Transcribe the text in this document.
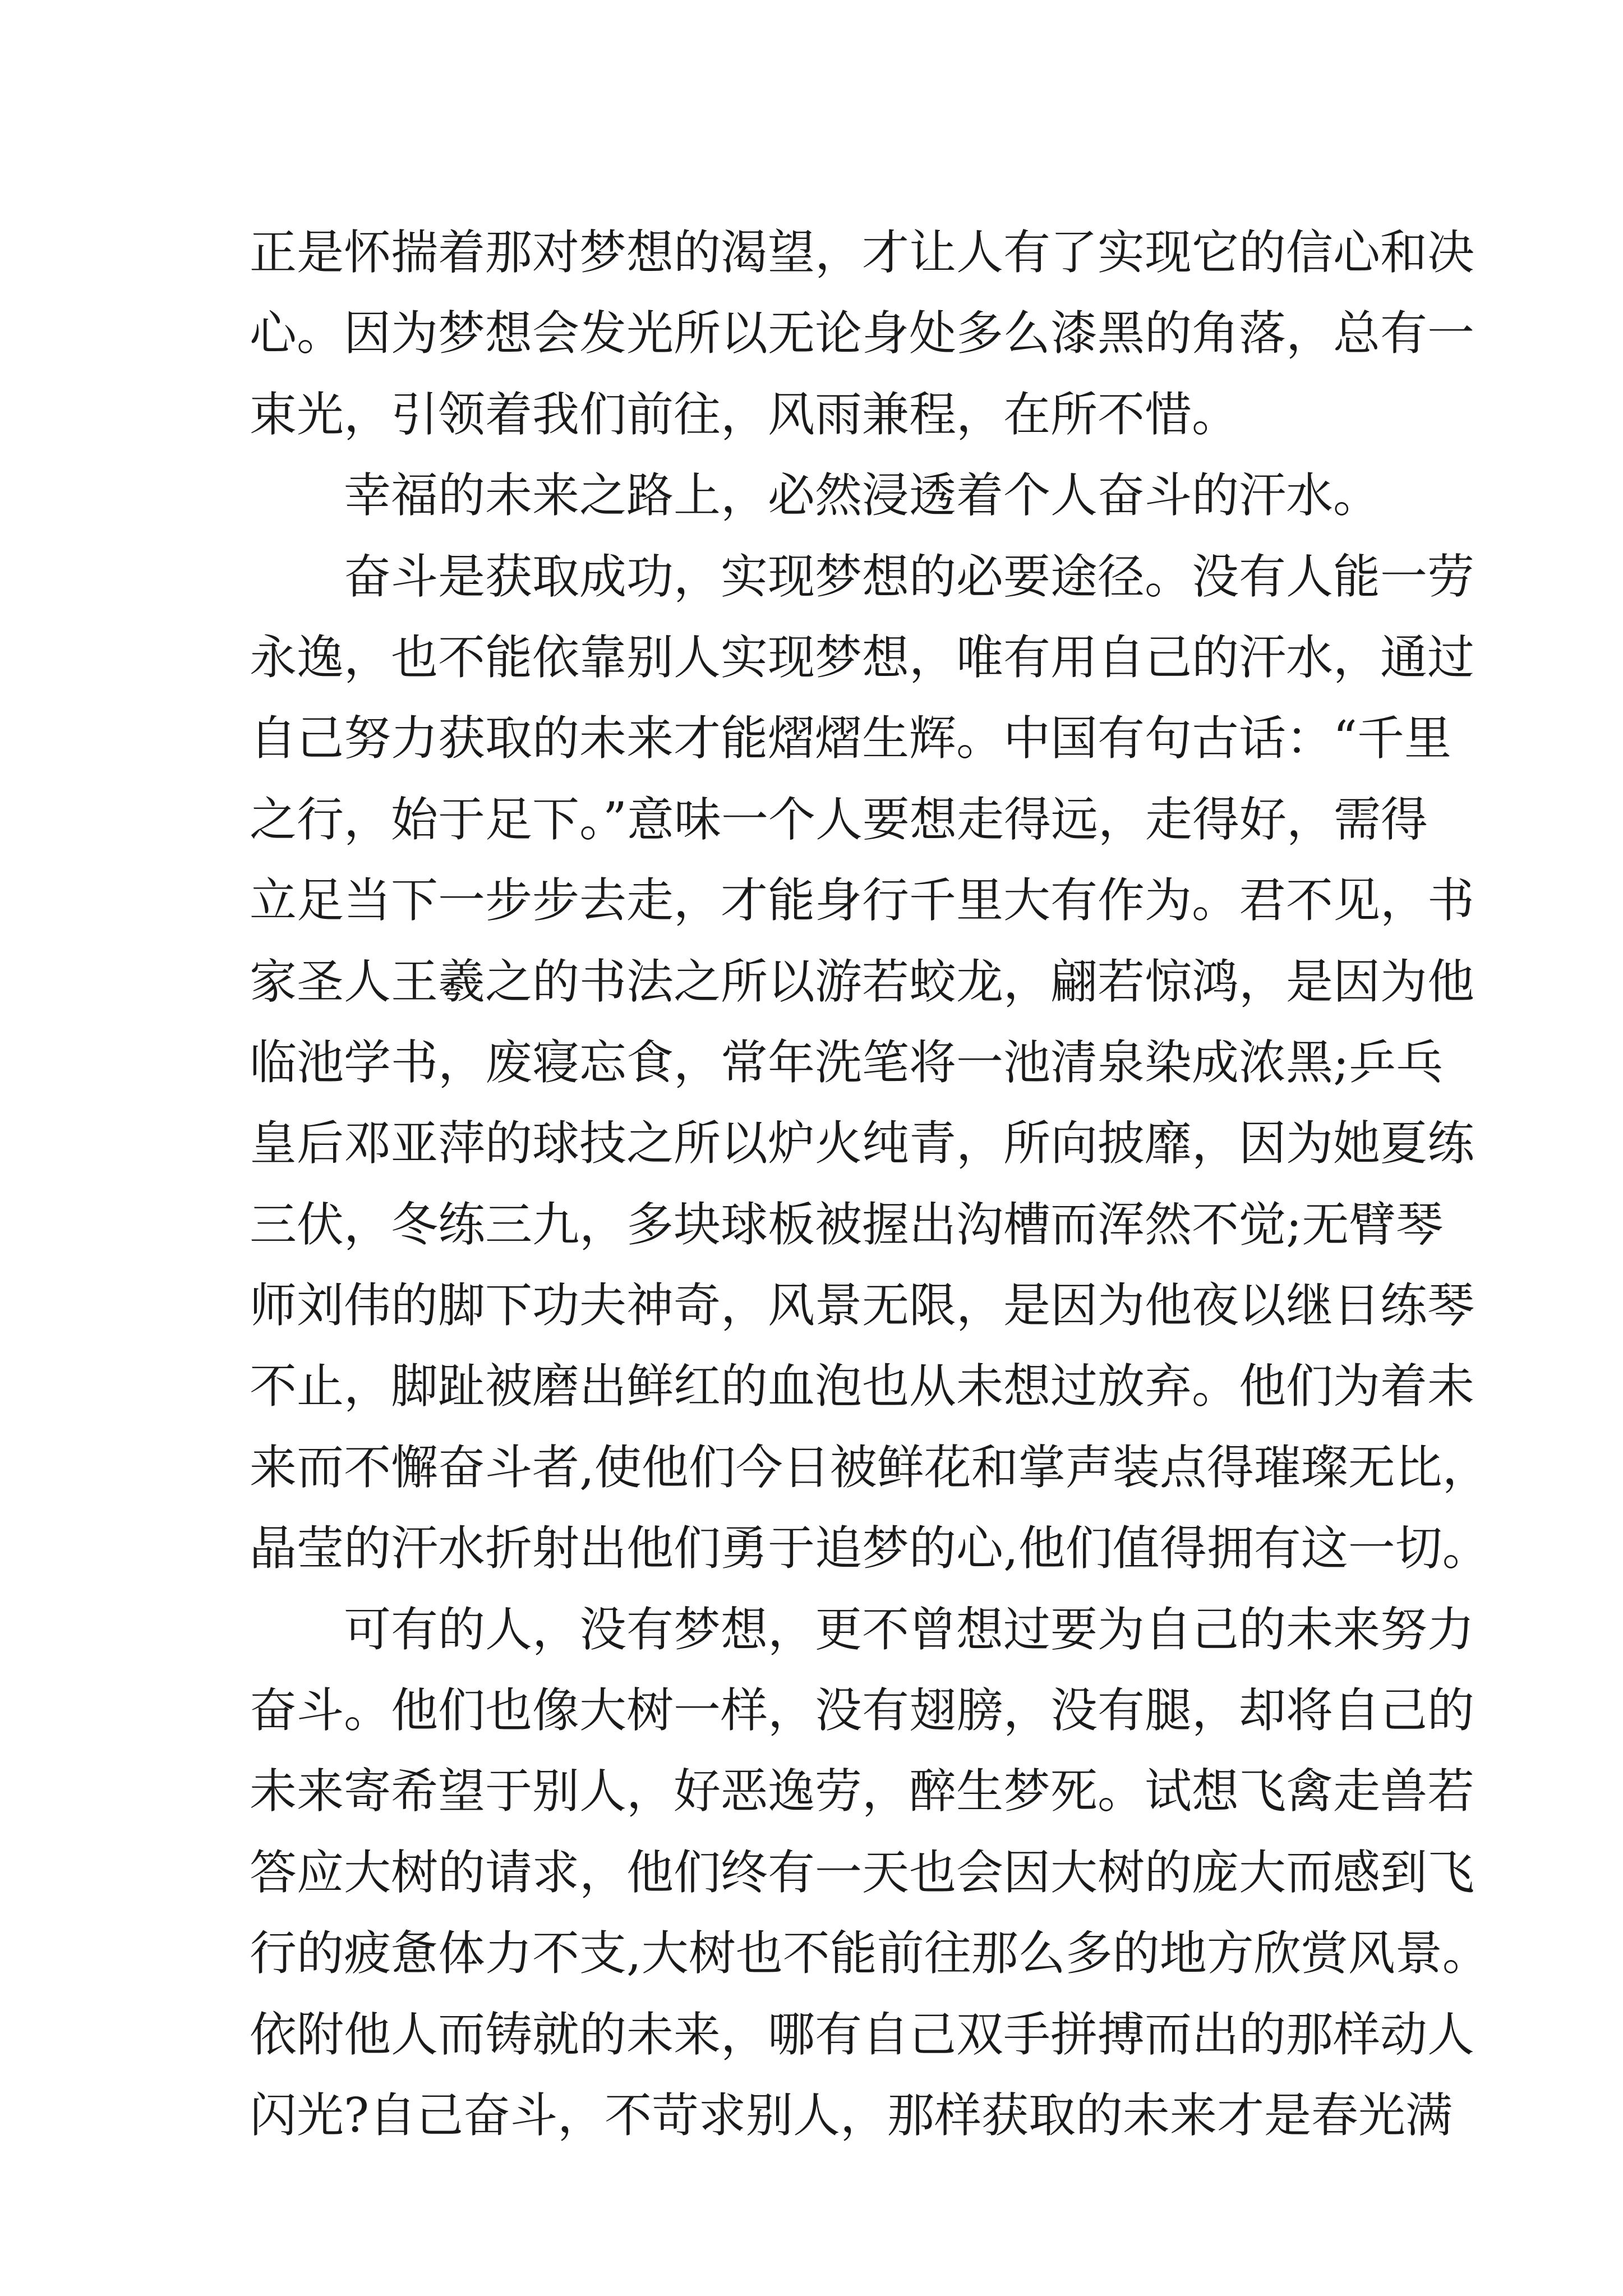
正是怀揣着那对梦想的渴望，才让人有了实现它的信心和决
心。因为梦想会发光所以无论身处多么漆黑的角落，总有一
束光，引领着我们前往，风雨兼程，在所不惜。
幸福的未来之路上，必然浸透着个人奋斗的汗水。
奋斗是获取成功，实现梦想的必要途径。没有人能一劳
永逸，也不能依靠别人实现梦想，唯有用自己的汗水，通过
自己努力获取的未来才能熠熠生辉。中国有句古话：“千里
之行，始于足下。”意味一个人要想走得远，走得好，需得
立足当下一步步去走，才能身行千里大有作为。君不见，书
家圣人王羲之的书法之所以游若蛟龙，翩若惊鸿，是因为他
临池学书，废寝忘食，常年洗笔将一池清泉染成浓黑;乒乓
皇后邓亚萍的球技之所以炉火纯青，所向披靡，因为她夏练
三伏，冬练三九，多块球板被握出沟槽而浑然不觉;无臂琴
师刘伟的脚下功夫神奇，风景无限，是因为他夜以继日练琴
不止，脚趾被磨出鲜红的血泡也从未想过放弃。他们为着未
来而不懈奋斗者,使他们今日被鲜花和掌声装点得璀璨无比，
晶莹的汗水折射出他们勇于追梦的心,他们值得拥有这一切。
可有的人，没有梦想，更不曾想过要为自己的未来努力
奋斗。他们也像大树一样，没有翅膀，没有腿，却将自己的
未来寄希望于别人，好恶逸劳，醉生梦死。试想飞禽走兽若
答应大树的请求，他们终有一天也会因大树的庞大而感到飞
行的疲惫体力不支,大树也不能前往那么多的地方欣赏风景。
依附他人而铸就的未来，哪有自己双手拼搏而出的那样动人
闪光?自己奋斗，不苛求别人，那样获取的未来才是春光满
